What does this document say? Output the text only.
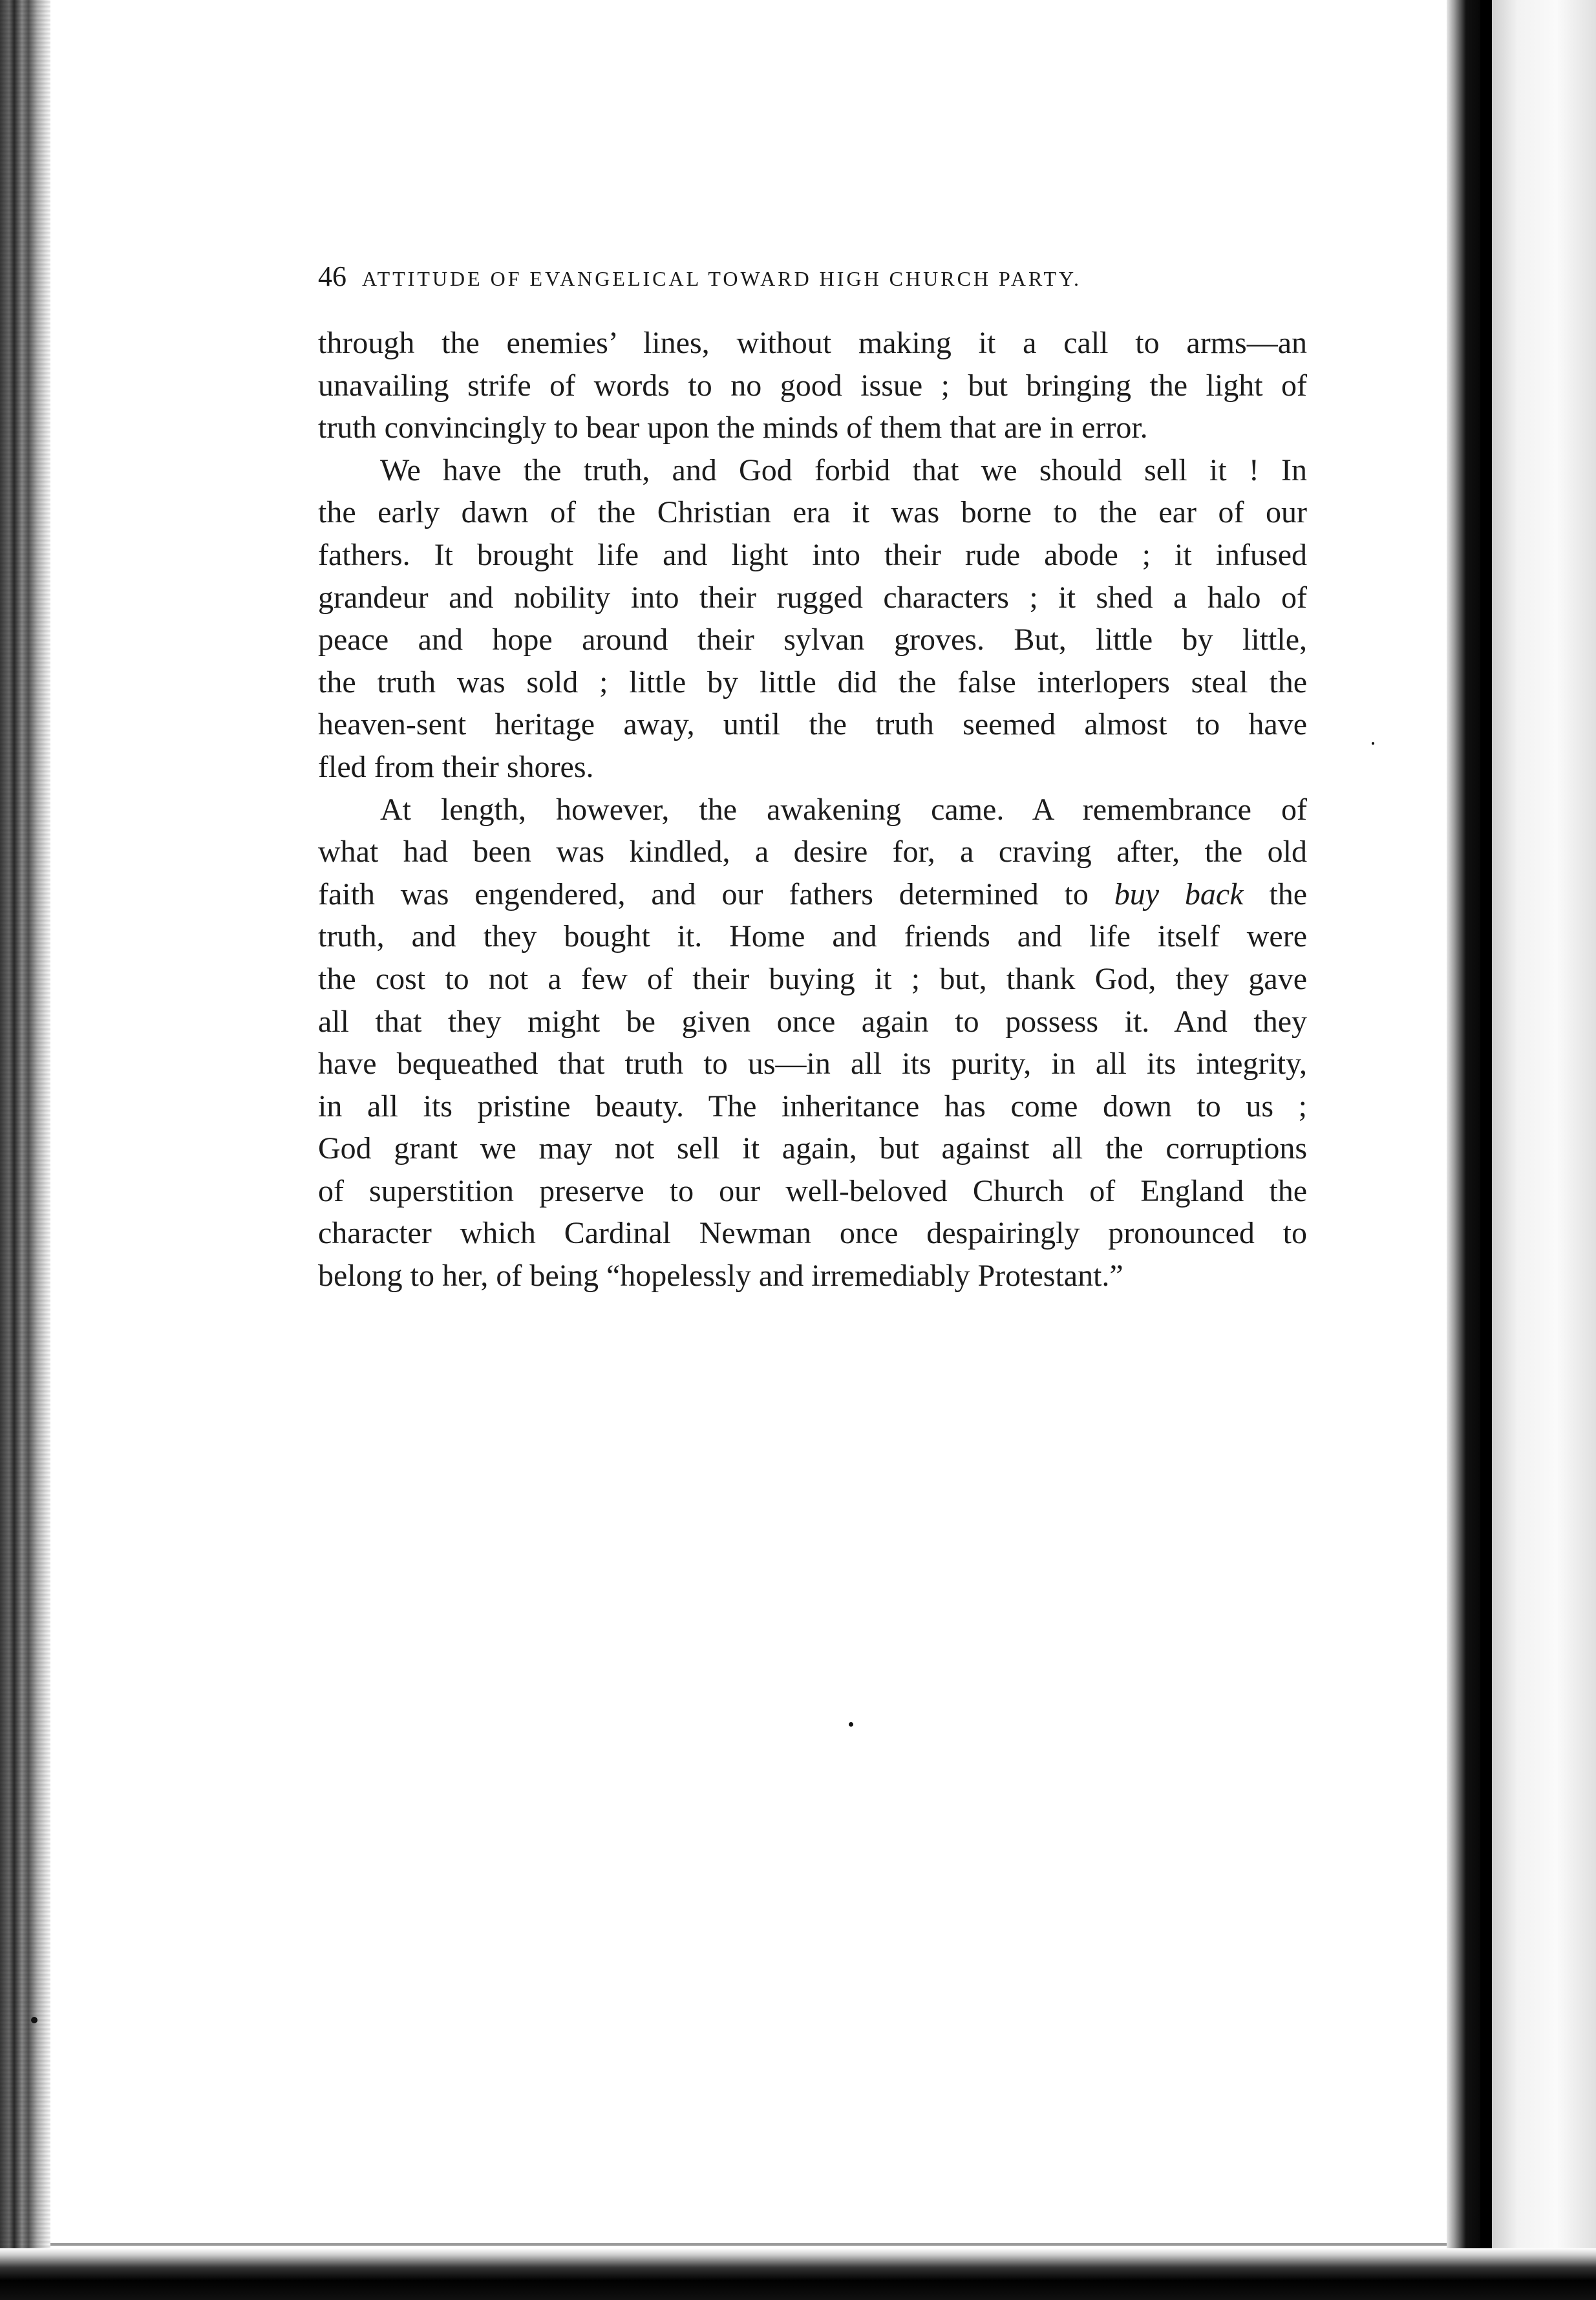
46 ATTITUDE OF EVANGELICAL TOWARD HIGH CHURCH PARTY.
through the enemies’ lines, without making it a call to arms—an
unavailing strife of words to no good issue ; but bringing the light of
truth convincingly to bear upon the minds of them that are in error.
We have the truth, and God forbid that we should sell it ! In
the early dawn of the Christian era it was borne to the ear of our
fathers. It brought life and light into their rude abode ; it infused
grandeur and nobility into their rugged characters ; it shed a halo of
peace and hope around their sylvan groves. But, little by little,
the truth was sold ; little by little did the false interlopers steal the
heaven-sent heritage away, until the truth seemed almost to have
fled from their shores.
At length, however, the awakening came. A remembrance of
what had been was kindled, a desire for, a craving after, the old
faith was engendered, and our fathers determined to buy back the
truth, and they bought it. Home and friends and life itself were
the cost to not a few of their buying it ; but, thank God, they gave
all that they might be given once again to possess it. And they
have bequeathed that truth to us—in all its purity, in all its integrity,
in all its pristine beauty. The inheritance has come down to us ;
God grant we may not sell it again, but against all the corruptions
of superstition preserve to our well-beloved Church of England the
character which Cardinal Newman once despairingly pronounced to
belong to her, of being “hopelessly and irremediably Protestant.”
